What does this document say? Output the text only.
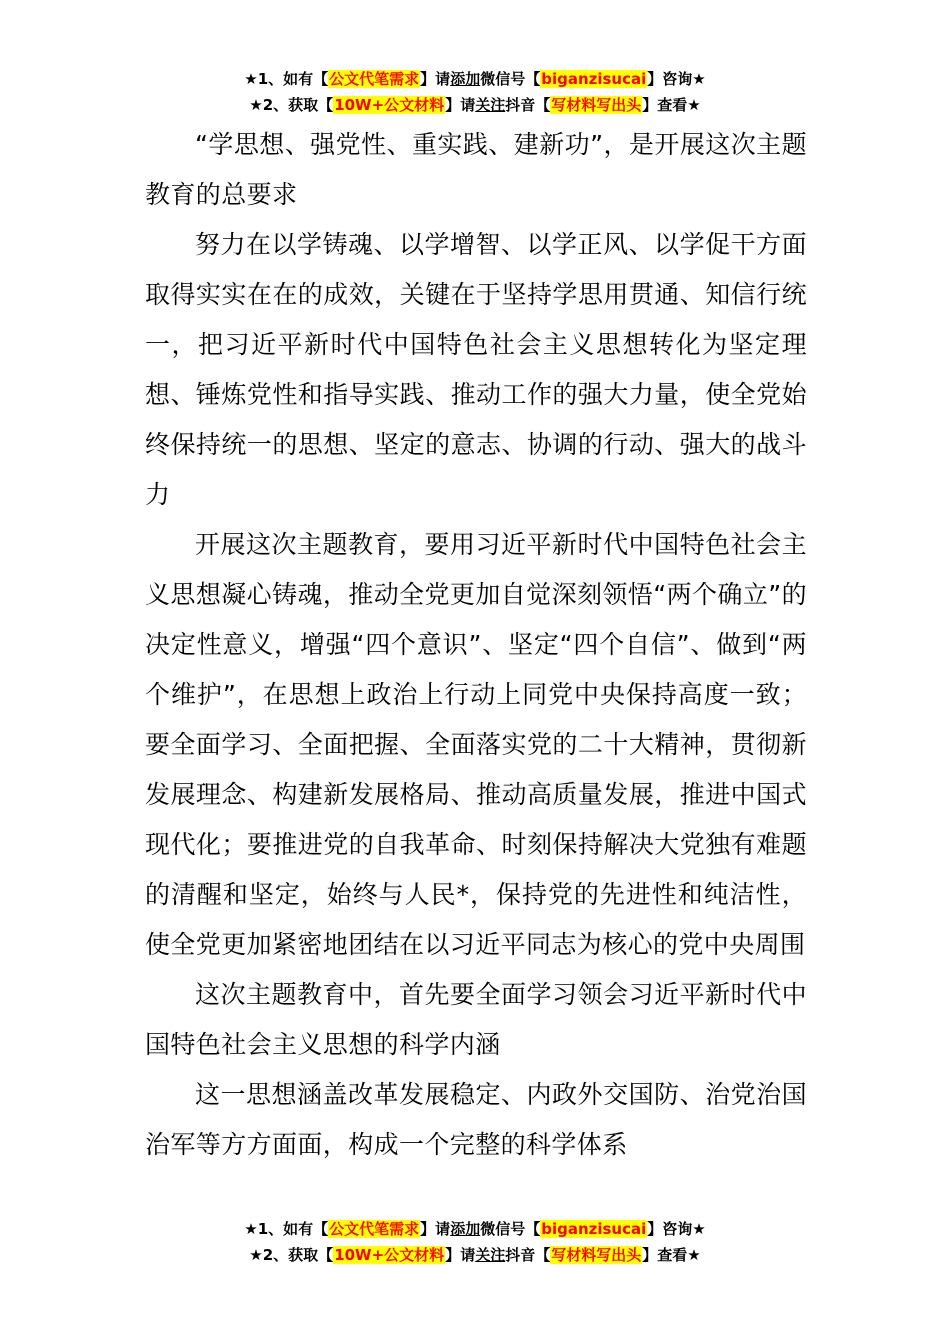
★1、如有【公文代笔需求】请添加微信号【biganzisucai】咨询★
★2、获取【10W+公文材料】请关注抖音【写材料写出头】查看★

“学思想、强党性、重实践、建新功”，是开展这次主题教育的总要求

努力在以学铸魂、以学增智、以学正风、以学促干方面取得实实在在的成效，关键在于坚持学思用贯通、知信行统一，把习近平新时代中国特色社会主义思想转化为坚定理想、锤炼党性和指导实践、推动工作的强大力量，使全党始终保持统一的思想、坚定的意志、协调的行动、强大的战斗力

开展这次主题教育，要用习近平新时代中国特色社会主义思想凝心铸魂，推动全党更加自觉深刻领悟“两个确立”的决定性意义，增强“四个意识”、坚定“四个自信”、做到“两个维护”，在思想上政治上行动上同党中央保持高度一致；要全面学习、全面把握、全面落实党的二十大精神，贯彻新发展理念、构建新发展格局、推动高质量发展，推进中国式现代化；要推进党的自我革命、时刻保持解决大党独有难题的清醒和坚定，始终与人民*，保持党的先进性和纯洁性，使全党更加紧密地团结在以习近平同志为核心的党中央周围

这次主题教育中，首先要全面学习领会习近平新时代中国特色社会主义思想的科学内涵

这一思想涵盖改革发展稳定、内政外交国防、治党治国治军等方方面面，构成一个完整的科学体系

★1、如有【公文代笔需求】请添加微信号【biganzisucai】咨询★
★2、获取【10W+公文材料】请关注抖音【写材料写出头】查看★
